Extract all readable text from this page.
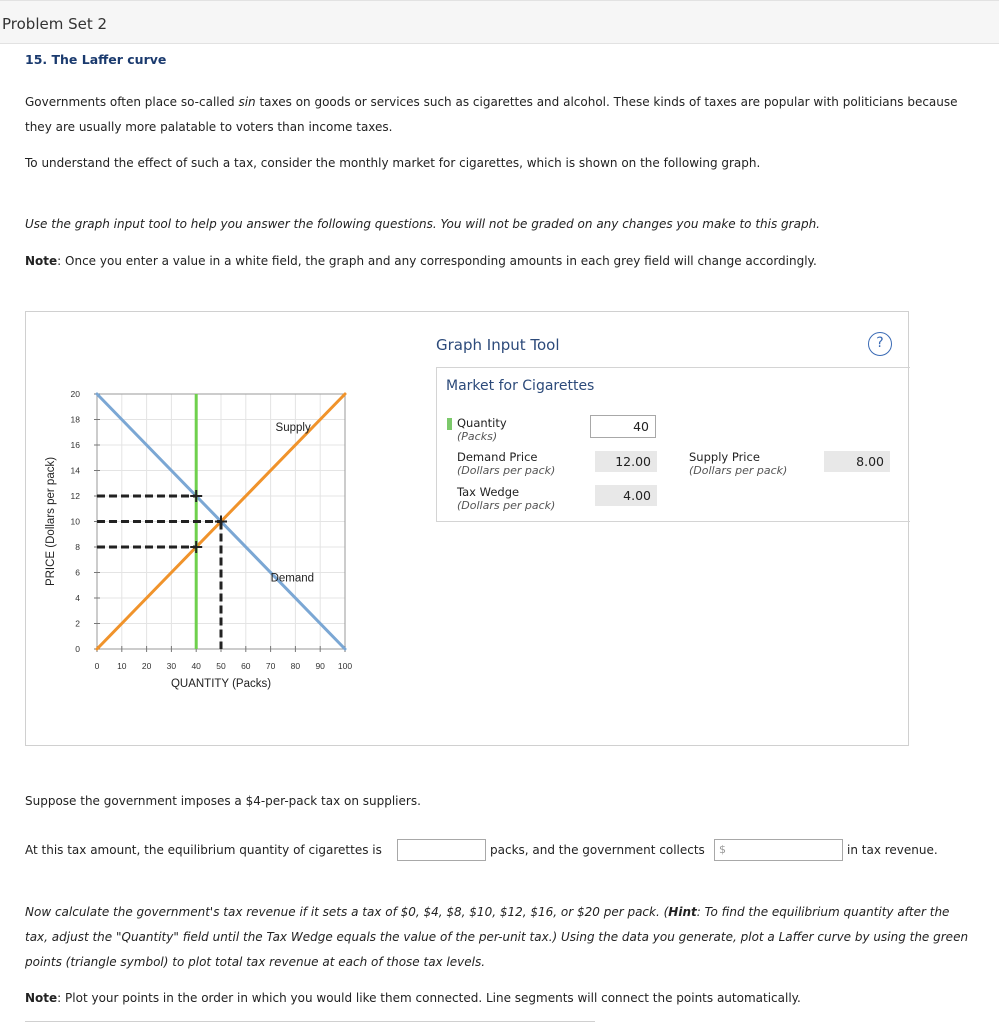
Problem Set 2
15. The Laffer curve
Governments often place so-called sin taxes on goods or services such as cigarettes and alcohol. These kinds of taxes are popular with politicians because they are usually more palatable to voters than income taxes.
To understand the effect of such a tax, consider the monthly market for cigarettes, which is shown on the following graph.
Use the graph input tool to help you answer the following questions. You will not be graded on any changes you make to this graph.
Note: Once you enter a value in a white field, the graph and any corresponding amounts in each grey field will change accordingly.
0 10 20 30 40 50 60 70 80 90 100
0
2
4
6
8
10
12
14
16
18
20
QUANTITY (Packs)
PRICE (Dollars per pack)
Supply
Demand
Graph Input Tool	?
Market for Cigarettes
Quantity
(Packs)
40
Demand Price
(Dollars per pack)
12.00	Supply Price
(Dollars per pack)
8.00
Tax Wedge
(Dollars per pack)
4.00
Suppose the government imposes a $4-per-pack tax on suppliers.
At this tax amount, the equilibrium quantity of cigarettes is	packs, and the government collects $	in tax revenue.
Now calculate the government's tax revenue if it sets a tax of $0, $4, $8, $10, $12, $16, or $20 per pack. (Hint: To find the equilibrium quantity after the tax, adjust the "Quantity" field until the Tax Wedge equals the value of the per-unit tax.) Using the data you generate, plot a Laffer curve by using the green points (triangle symbol) to plot total tax revenue at each of those tax levels.
Note: Plot your points in the order in which you would like them connected. Line segments will connect the points automatically.
